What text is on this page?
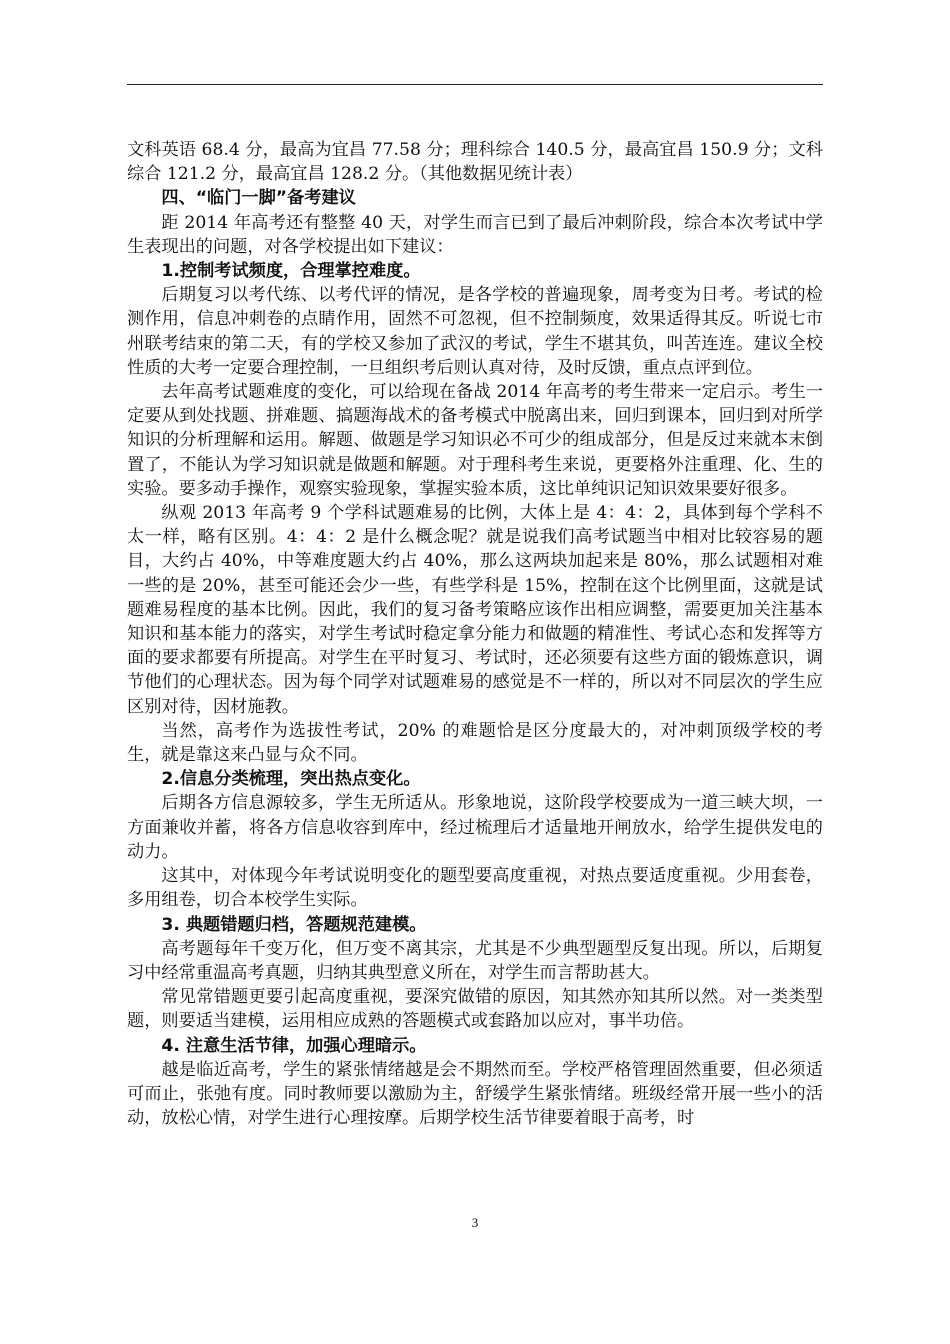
文科英语 68.4 分，最高为宜昌 77.58 分；理科综合 140.5 分，最高宜昌 150.9 分；文科综合 121.2 分，最高宜昌 128.2 分。（其他数据见统计表）

四、“临门一脚”备考建议

距 2014 年高考还有整整 40 天，对学生而言已到了最后冲刺阶段，综合本次考试中学生表现出的问题，对各学校提出如下建议：

1.控制考试频度，合理掌控难度。

后期复习以考代练、以考代评的情况，是各学校的普遍现象，周考变为日考。考试的检测作用，信息冲刺卷的点睛作用，固然不可忽视，但不控制频度，效果适得其反。听说七市州联考结束的第二天，有的学校又参加了武汉的考试，学生不堪其负，叫苦连连。建议全校性质的大考一定要合理控制，一旦组织考后则认真对待，及时反馈，重点点评到位。

去年高考试题难度的变化，可以给现在备战 2014 年高考的考生带来一定启示。考生一定要从到处找题、拼难题、搞题海战术的备考模式中脱离出来，回归到课本，回归到对所学知识的分析理解和运用。解题、做题是学习知识必不可少的组成部分，但是反过来就本末倒置了，不能认为学习知识就是做题和解题。对于理科考生来说，更要格外注重理、化、生的实验。要多动手操作，观察实验现象，掌握实验本质，这比单纯识记知识效果要好很多。

纵观 2013 年高考 9 个学科试题难易的比例，大体上是 4：4：2，具体到每个学科不太一样，略有区别。4：4：2 是什么概念呢？就是说我们高考试题当中相对比较容易的题目，大约占 40%，中等难度题大约占 40%，那么这两块加起来是 80%，那么试题相对难一些的是 20%，甚至可能还会少一些，有些学科是 15%，控制在这个比例里面，这就是试题难易程度的基本比例。因此，我们的复习备考策略应该作出相应调整，需要更加关注基本知识和基本能力的落实，对学生考试时稳定拿分能力和做题的精准性、考试心态和发挥等方面的要求都要有所提高。对学生在平时复习、考试时，还必须要有这些方面的锻炼意识，调节他们的心理状态。因为每个同学对试题难易的感觉是不一样的，所以对不同层次的学生应区别对待，因材施教。

当然，高考作为选拔性考试，20% 的难题恰是区分度最大的，对冲刺顶级学校的考生，就是靠这来凸显与众不同。

2.信息分类梳理，突出热点变化。

后期各方信息源较多，学生无所适从。形象地说，这阶段学校要成为一道三峡大坝，一方面兼收并蓄，将各方信息收容到库中，经过梳理后才适量地开闸放水，给学生提供发电的动力。

这其中，对体现今年考试说明变化的题型要高度重视，对热点要适度重视。少用套卷，多用组卷，切合本校学生实际。

3. 典题错题归档，答题规范建模。

高考题每年千变万化，但万变不离其宗，尤其是不少典型题型反复出现。所以，后期复习中经常重温高考真题，归纳其典型意义所在，对学生而言帮助甚大。

常见常错题更要引起高度重视，要深究做错的原因，知其然亦知其所以然。对一类类型题，则要适当建模，运用相应成熟的答题模式或套路加以应对，事半功倍。

4. 注意生活节律，加强心理暗示。

越是临近高考，学生的紧张情绪越是会不期然而至。学校严格管理固然重要，但必须适可而止，张弛有度。同时教师要以激励为主，舒缓学生紧张情绪。班级经常开展一些小的活动，放松心情，对学生进行心理按摩。后期学校生活节律要着眼于高考，时

3
